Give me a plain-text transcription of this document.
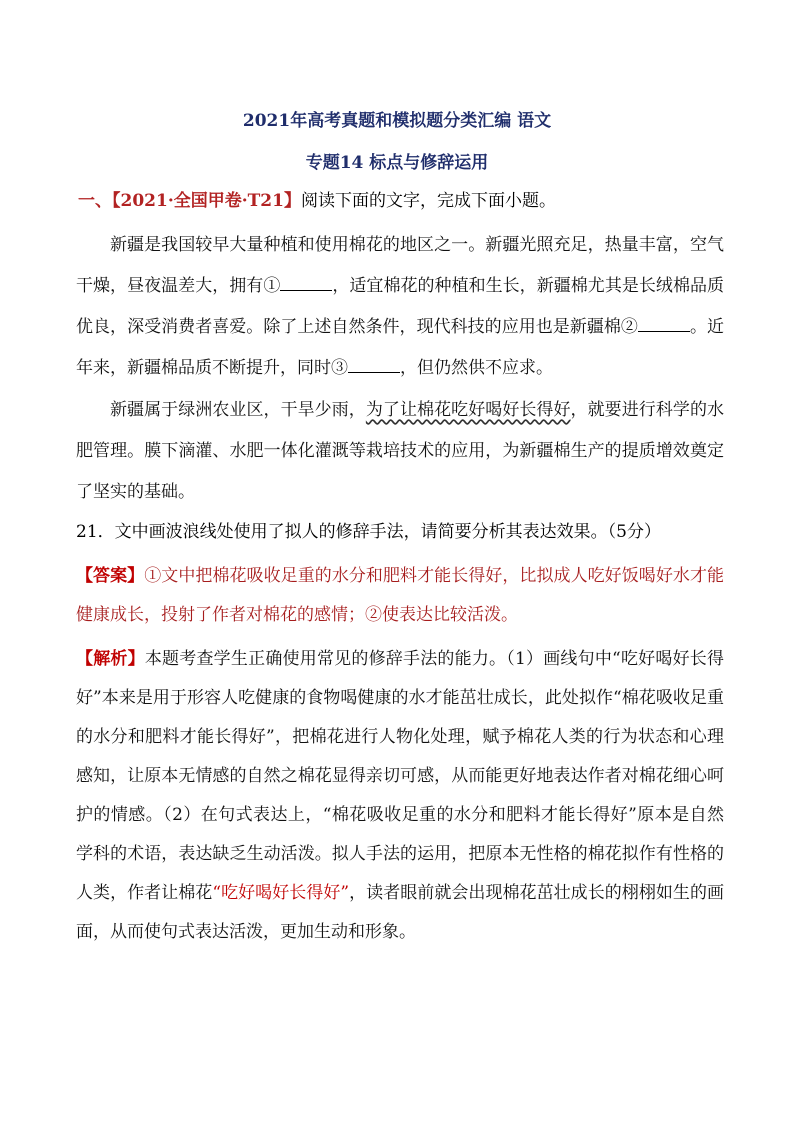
2021年高考真题和模拟题分类汇编 语文
专题14 标点与修辞运用
一、【2021·全国甲卷·T21】阅读下面的文字，完成下面小题。

新疆是我国较早大量种植和使用棉花的地区之一。新疆光照充足，热量丰富，空气干燥，昼夜温差大，拥有①	，适宜棉花的种植和生长，新疆棉尤其是长绒棉品质优良，深受消费者喜爱。除了上述自然条件，现代科技的应用也是新疆棉②	。近年来，新疆棉品质不断提升，同时③	，但仍然供不应求。

新疆属于绿洲农业区，干旱少雨，为了让棉花吃好喝好长得好，就要进行科学的水肥管理。膜下滴灌、水肥一体化灌溉等栽培技术的应用，为新疆棉生产的提质增效奠定了坚实的基础。

21．文中画波浪线处使用了拟人的修辞手法，请简要分析其表达效果。（5分）
【答案】①文中把棉花吸收足重的水分和肥料才能长得好，比拟成人吃好饭喝好水才能健康成长，投射了作者对棉花的感情；②使表达比较活泼。
【解析】本题考查学生正确使用常见的修辞手法的能力。（1）画线句中“吃好喝好长得好”本来是用于形容人吃健康的食物喝健康的水才能茁壮成长，此处拟作“棉花吸收足重的水分和肥料才能长得好”，把棉花进行人物化处理，赋予棉花人类的行为状态和心理感知，让原本无情感的自然之棉花显得亲切可感，从而能更好地表达作者对棉花细心呵护的情感。（2）在句式表达上，“棉花吸收足重的水分和肥料才能长得好”原本是自然学科的术语，表达缺乏生动活泼。拟人手法的运用，把原本无性格的棉花拟作有性格的人类，作者让棉花“吃好喝好长得好”，读者眼前就会出现棉花茁壮成长的栩栩如生的画面，从而使句式表达活泼，更加生动和形象。
